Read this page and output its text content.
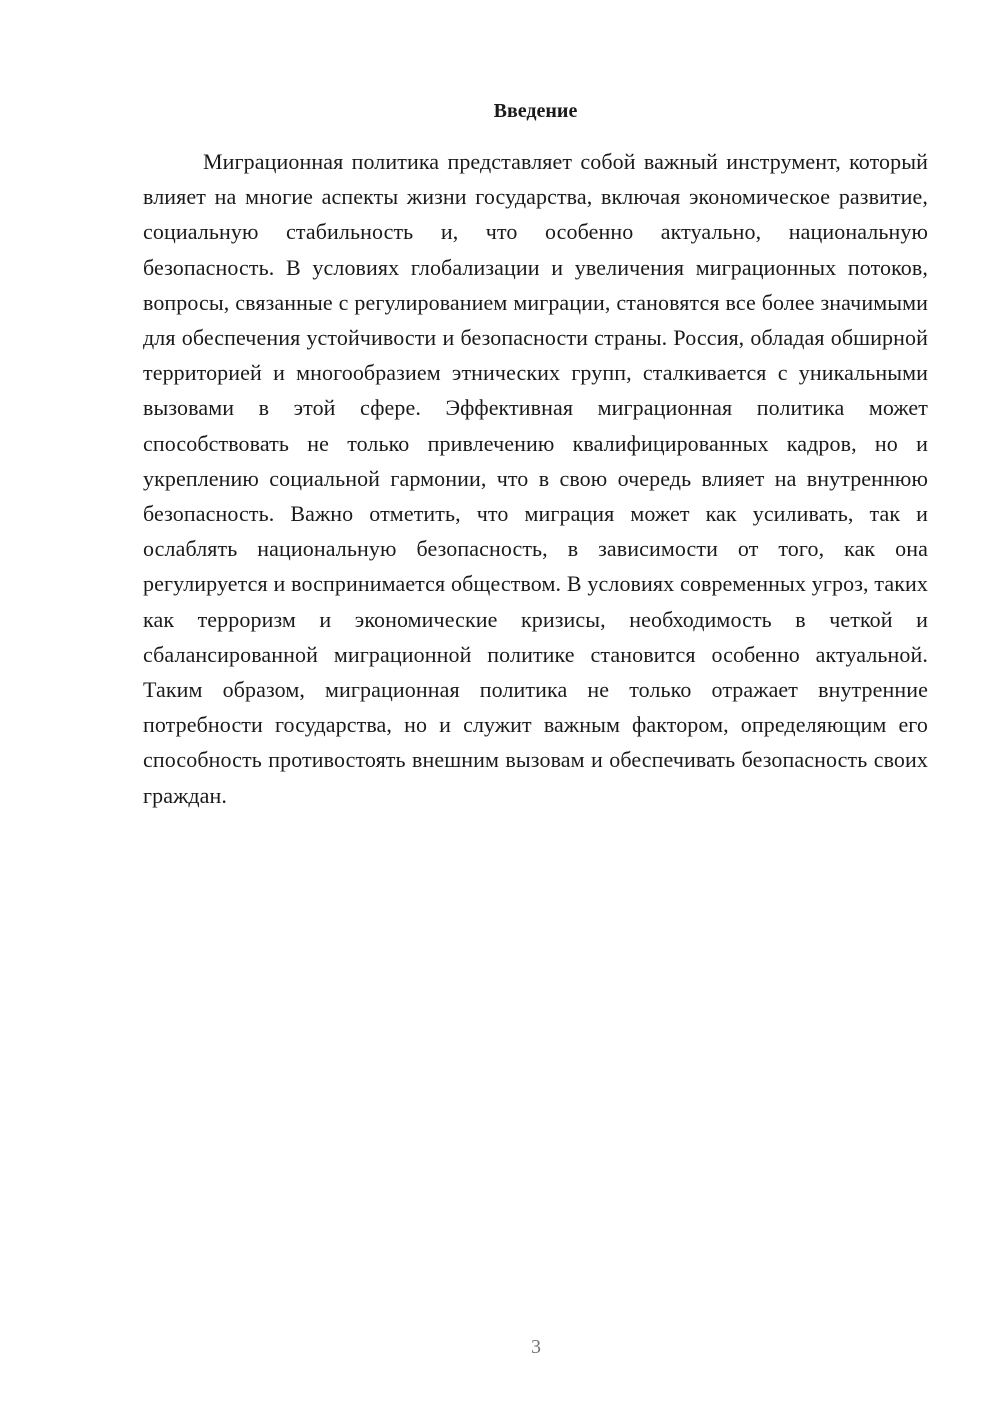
Введение

Миграционная политика представляет собой важный инструмент, который влияет на многие аспекты жизни государства, включая экономическое развитие, социальную стабильность и, что особенно актуально, национальную безопасность. В условиях глобализации и увеличения миграционных потоков, вопросы, связанные с регулированием миграции, становятся все более значимыми для обеспечения устойчивости и безопасности страны. Россия, обладая обширной территорией и многообразием этнических групп, сталкивается с уникальными вызовами в этой сфере. Эффективная миграционная политика может способствовать не только привлечению квалифицированных кадров, но и укреплению социальной гармонии, что в свою очередь влияет на внутреннюю безопасность. Важно отметить, что миграция может как усиливать, так и ослаблять национальную безопасность, в зависимости от того, как она регулируется и воспринимается обществом. В условиях современных угроз, таких как терроризм и экономические кризисы, необходимость в четкой и сбалансированной миграционной политике становится особенно актуальной. Таким образом, миграционная политика не только отражает внутренние потребности государства, но и служит важным фактором, определяющим его способность противостоять внешним вызовам и обеспечивать безопасность своих граждан.

3
